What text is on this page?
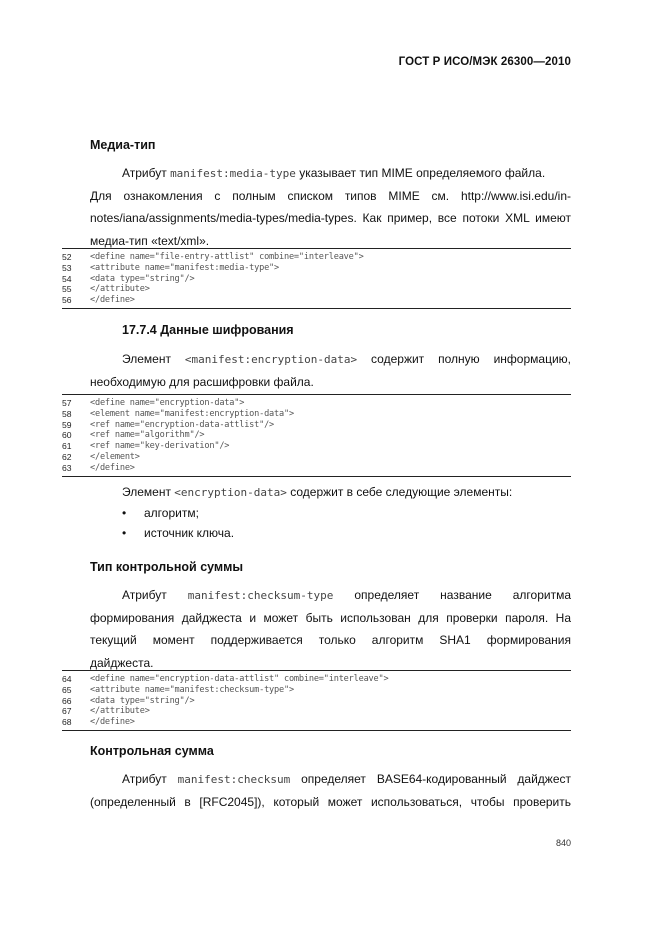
ГОСТ Р ИСО/МЭК 26300—2010
Медиа-тип
Атрибут manifest:media-type указывает тип MIME определяемого файла.
Для ознакомления с полным списком типов MIME см. http://www.isi.edu/in-
notes/iana/assignments/media-types/media-types. Как пример, все потоки XML имеют
медиа-тип «text/xml».
52	<define name="file-entry-attlist" combine="interleave">
53	<attribute name="manifest:media-type">
54	<data type="string"/>
55	</attribute>
56	</define>
17.7.4 Данные шифрования
Элемент <manifest:encryption-data> содержит полную информацию,
необходимую для расшифровки файла.
57	<define name="encryption-data">
58	<element name="manifest:encryption-data">
59	<ref name="encryption-data-attlist"/>
60	<ref name="algorithm"/>
61	<ref name="key-derivation"/>
62	</element>
63	</define>
Элемент <encryption-data> содержит в себе следующие элементы:
• алгоритм;
• источник ключа.
Тип контрольной суммы
Атрибут manifest:checksum-type определяет название алгоритма
формирования дайджеста и может быть использован для проверки пароля. На
текущий момент поддерживается только алгоритм SHA1 формирования
дайджеста.
64	<define name="encryption-data-attlist" combine="interleave">
65	<attribute name="manifest:checksum-type">
66	<data type="string"/>
67	</attribute>
68	</define>
Контрольная сумма
Атрибут manifest:checksum определяет BASE64-кодированный дайджест
(определенный в [RFC2045]), который может использоваться, чтобы проверить
840
